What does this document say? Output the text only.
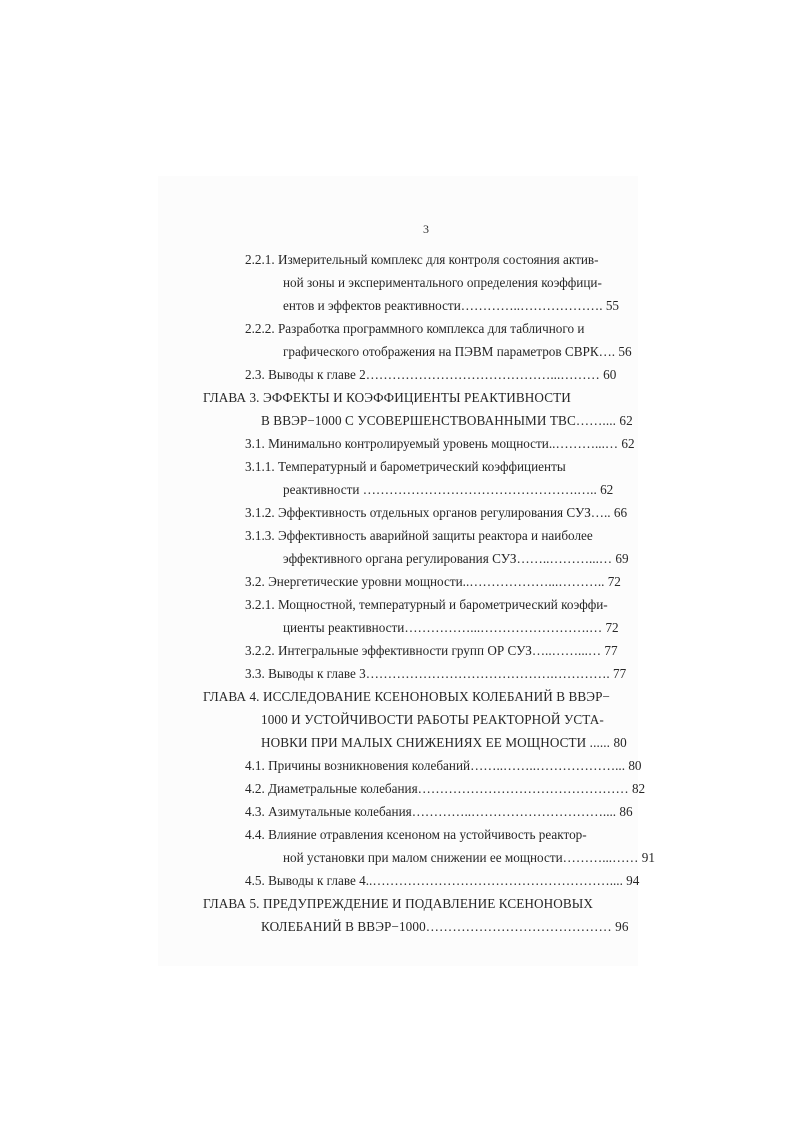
3
2.2.1. Измерительный комплекс для контроля состояния актив-
ной зоны и экспериментального определения коэффици-
ентов и эффектов реактивности…………..………………. 55
2.2.2. Разработка программного комплекса для табличного и
графического отображения на ПЭВМ параметров СВРК…. 56
2.3. Выводы к главе 2……………………………………...……… 60
ГЛАВА 3. ЭФФЕКТЫ И КОЭФФИЦИЕНТЫ РЕАКТИВНОСТИ
В ВВЭР−1000 С УСОВЕРШЕНСТВОВАННЫМИ ТВС…….... 62
3.1. Минимально контролируемый уровень мощности..………...… 62
3.1.1. Температурный и барометрический коэффициенты
реактивности ………………………………………….….. 62
3.1.2. Эффективность отдельных органов регулирования СУЗ….. 66
3.1.3. Эффективность аварийной защиты реактора и наиболее
эффективного органа регулирования СУЗ……..………...… 69
3.2. Энергетические уровни мощности..………………...……….. 72
3.2.1. Мощностной, температурный и барометрический коэффи-
циенты реактивности……………...…………………….… 72
3.2.2. Интегральные эффективности групп ОР СУЗ…..……...… 77
3.3. Выводы к главе 3…………………………………….…………. 77
ГЛАВА 4. ИССЛЕДОВАНИЕ КСЕНОНОВЫХ КОЛЕБАНИЙ В ВВЭР−
1000 И УСТОЙЧИВОСТИ РАБОТЫ РЕАКТОРНОЙ УСТА-
НОВКИ ПРИ МАЛЫХ СНИЖЕНИЯХ ЕЕ МОЩНОСТИ ...... 80
4.1. Причины возникновения колебаний……..……..………………... 80
4.2. Диаметральные колебания………………………………………… 82
4.3. Азимутальные колебания…………..………………………….... 86
4.4. Влияние отравления ксеноном на устойчивость реактор-
ной установки при малом снижении ее мощности………...…… 91
4.5. Выводы к главе 4..……………………………………………….... 94
ГЛАВА 5. ПРЕДУПРЕЖДЕНИЕ И ПОДАВЛЕНИЕ КСЕНОНОВЫХ
КОЛЕБАНИЙ В ВВЭР−1000…………………………………… 96
